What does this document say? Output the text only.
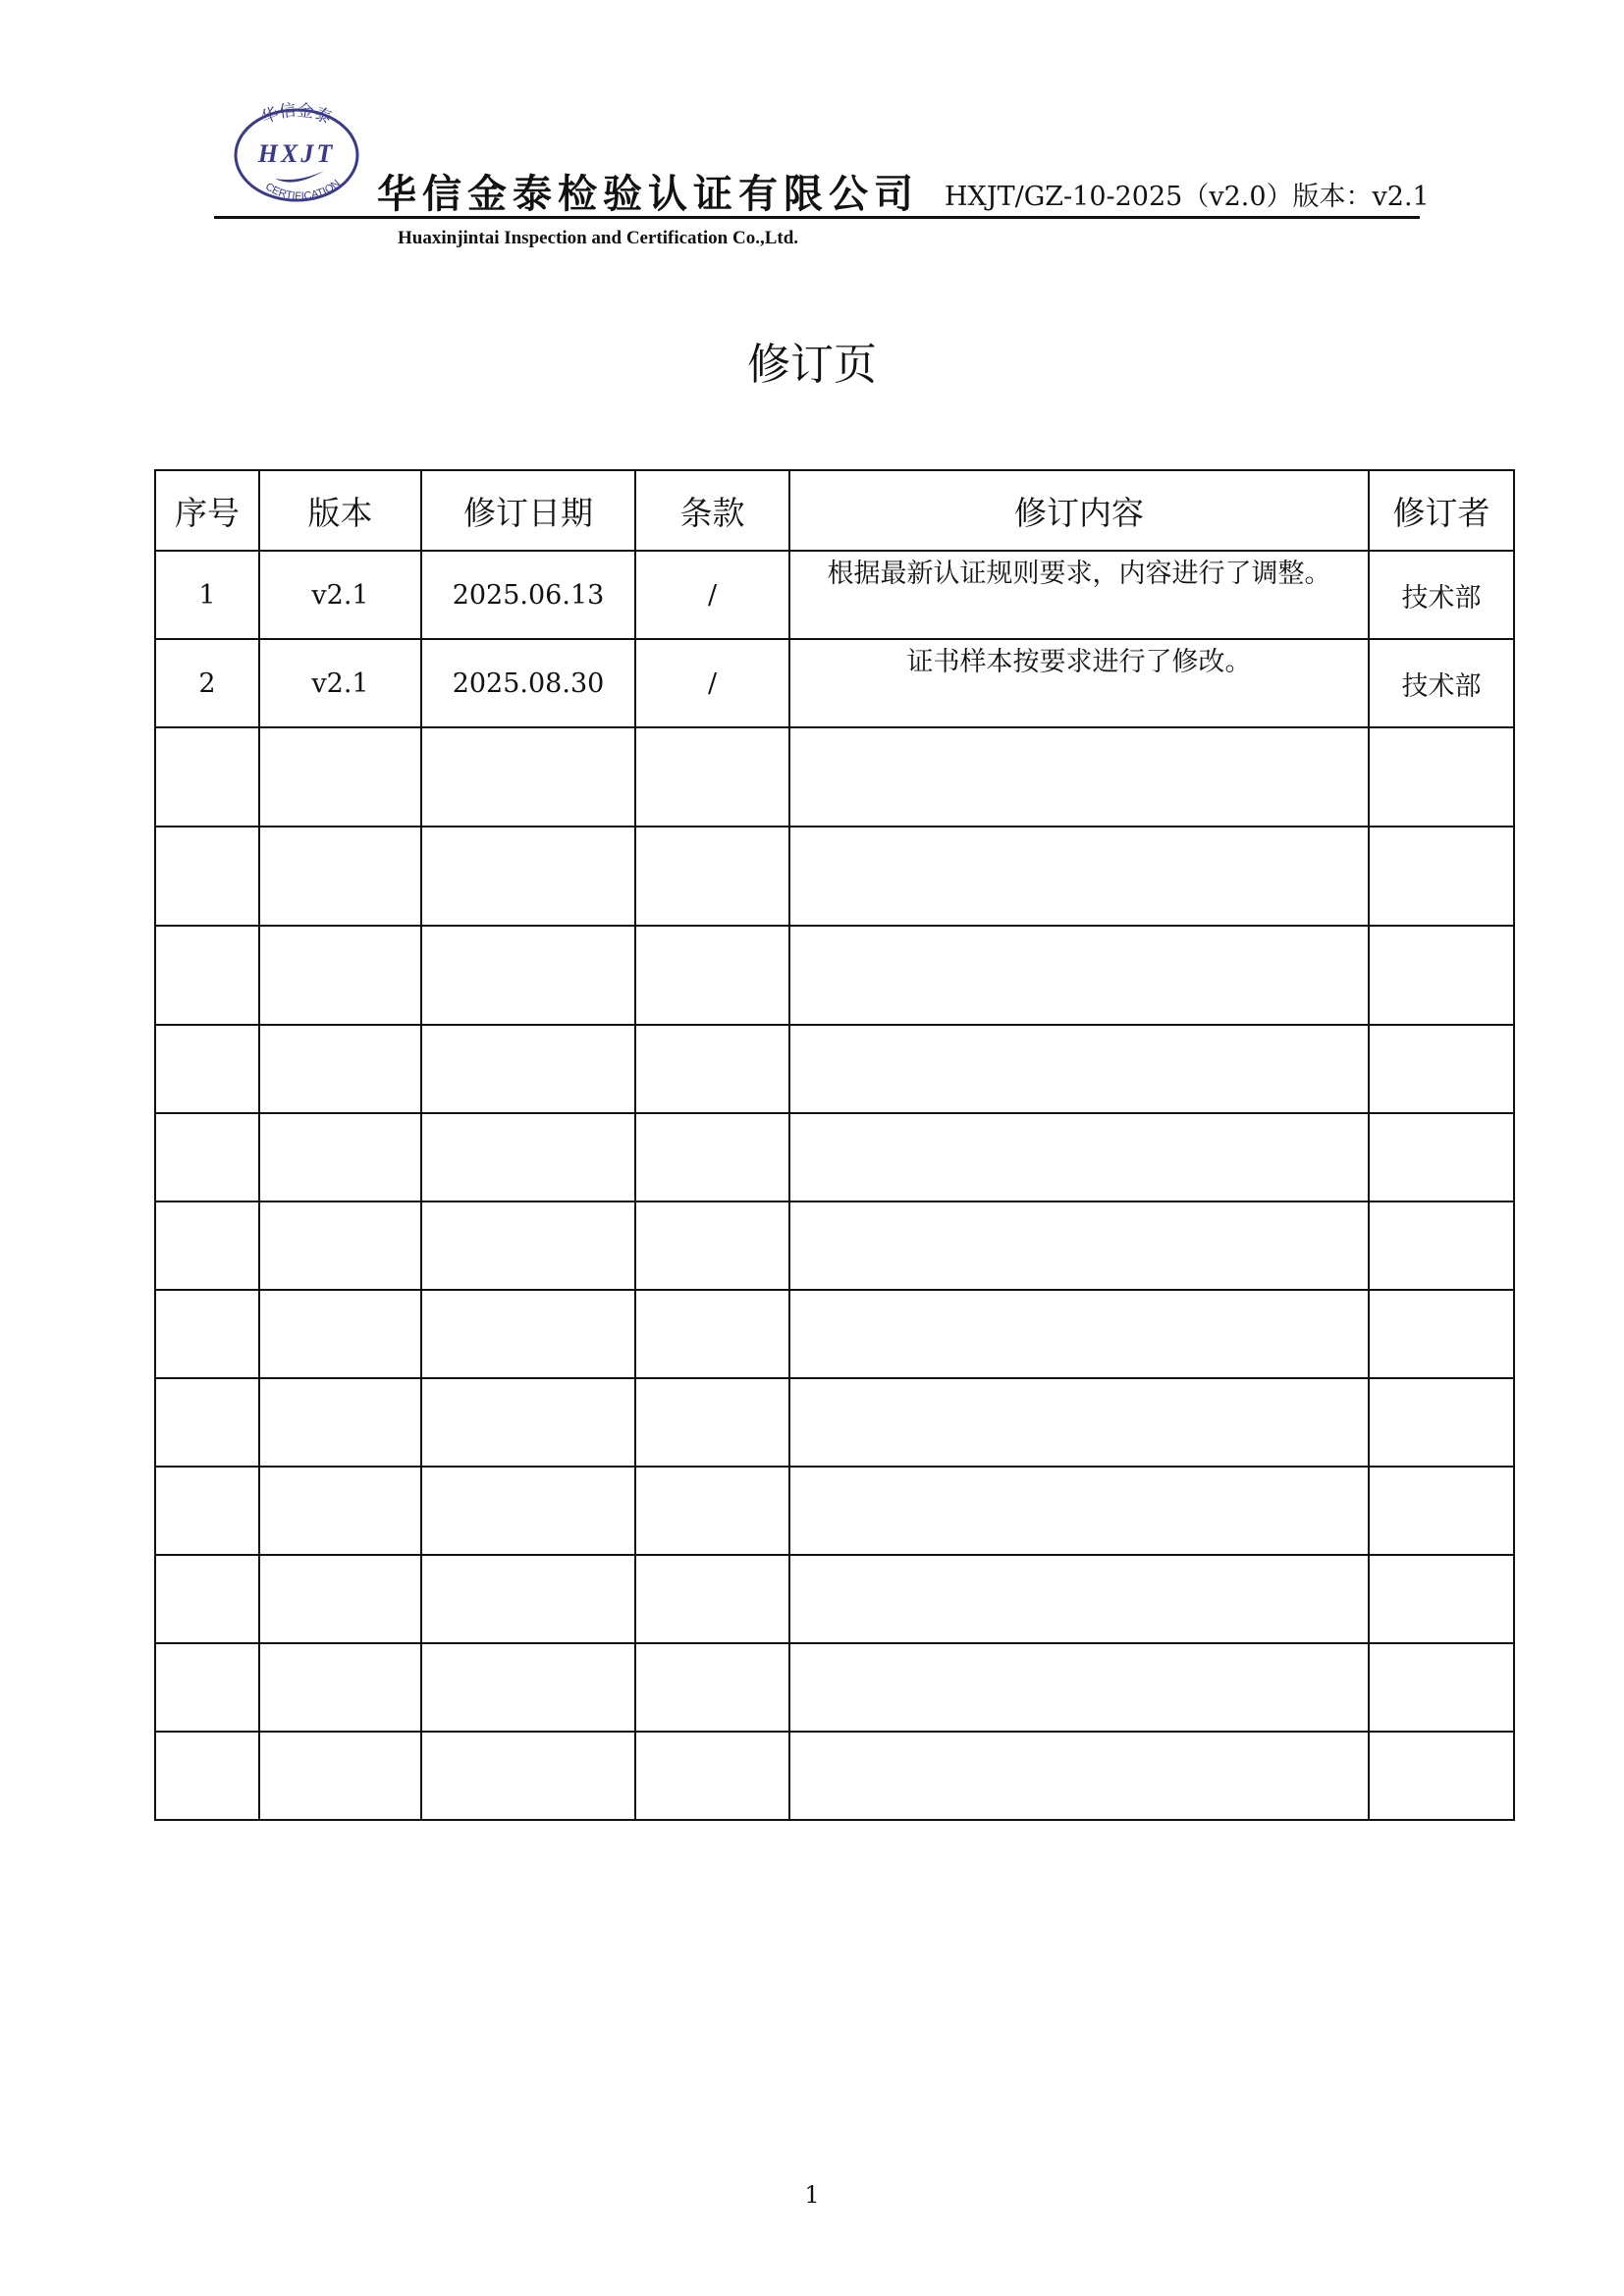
华信金泰
HXJT
CERTIFICATION 华信金泰检验认证有限公司 HXJT/GZ-10-2025（v2.0）版本：v2.1
Huaxinjintai Inspection and Certification Co.,Ltd.
修订页
序号	版本	修订日期	条款	修订内容	修订者
1	v2.1	2025.06.13	/	根据最新认证规则要求，内容进行了调整。	技术部
2	v2.1	2025.08.30	/	证书样本按要求进行了修改。	技术部

1
